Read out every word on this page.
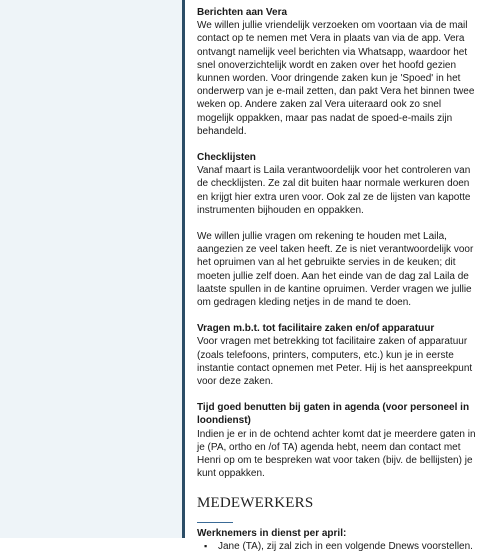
Berichten aan Vera

We willen jullie vriendelijk verzoeken om voortaan via de mail contact op te nemen met Vera in plaats van via de app. Vera ontvangt namelijk veel berichten via Whatsapp, waardoor het snel onoverzichtelijk wordt en zaken over het hoofd gezien kunnen worden. Voor dringende zaken kun je 'Spoed' in het onderwerp van je e-mail zetten, dan pakt Vera het binnen twee weken op. Andere zaken zal Vera uiteraard ook zo snel mogelijk oppakken, maar pas nadat de spoed-e-mails zijn behandeld.

Checklijsten

Vanaf maart is Laila verantwoordelijk voor het controleren van de checklijsten. Ze zal dit buiten haar normale werkuren doen en krijgt hier extra uren voor. Ook zal ze de lijsten van kapotte instrumenten bijhouden en oppakken.

We willen jullie vragen om rekening te houden met Laila, aangezien ze veel taken heeft. Ze is niet verantwoordelijk voor het opruimen van al het gebruikte servies in de keuken; dit moeten jullie zelf doen. Aan het einde van de dag zal Laila de laatste spullen in de kantine opruimen. Verder vragen we jullie om gedragen kleding netjes in de mand te doen.

Vragen m.b.t. tot facilitaire zaken en/of apparatuur

Voor vragen met betrekking tot facilitaire zaken of apparatuur (zoals telefoons, printers, computers, etc.) kun je in eerste instantie contact opnemen met Peter. Hij is het aanspreekpunt voor deze zaken.

Tijd goed benutten bij gaten in agenda (voor personeel in loondienst)

Indien je er in de ochtend achter komt dat je meerdere gaten in je (PA, ortho en /of TA) agenda hebt, neem dan contact met Henri op om te bespreken wat voor taken (bijv. de bellijsten) je kunt oppakken.

MEDEWERKERS

Werknemers in dienst per april:

▪ Jane (TA), zij zal zich in een volgende Dnews voorstellen.
